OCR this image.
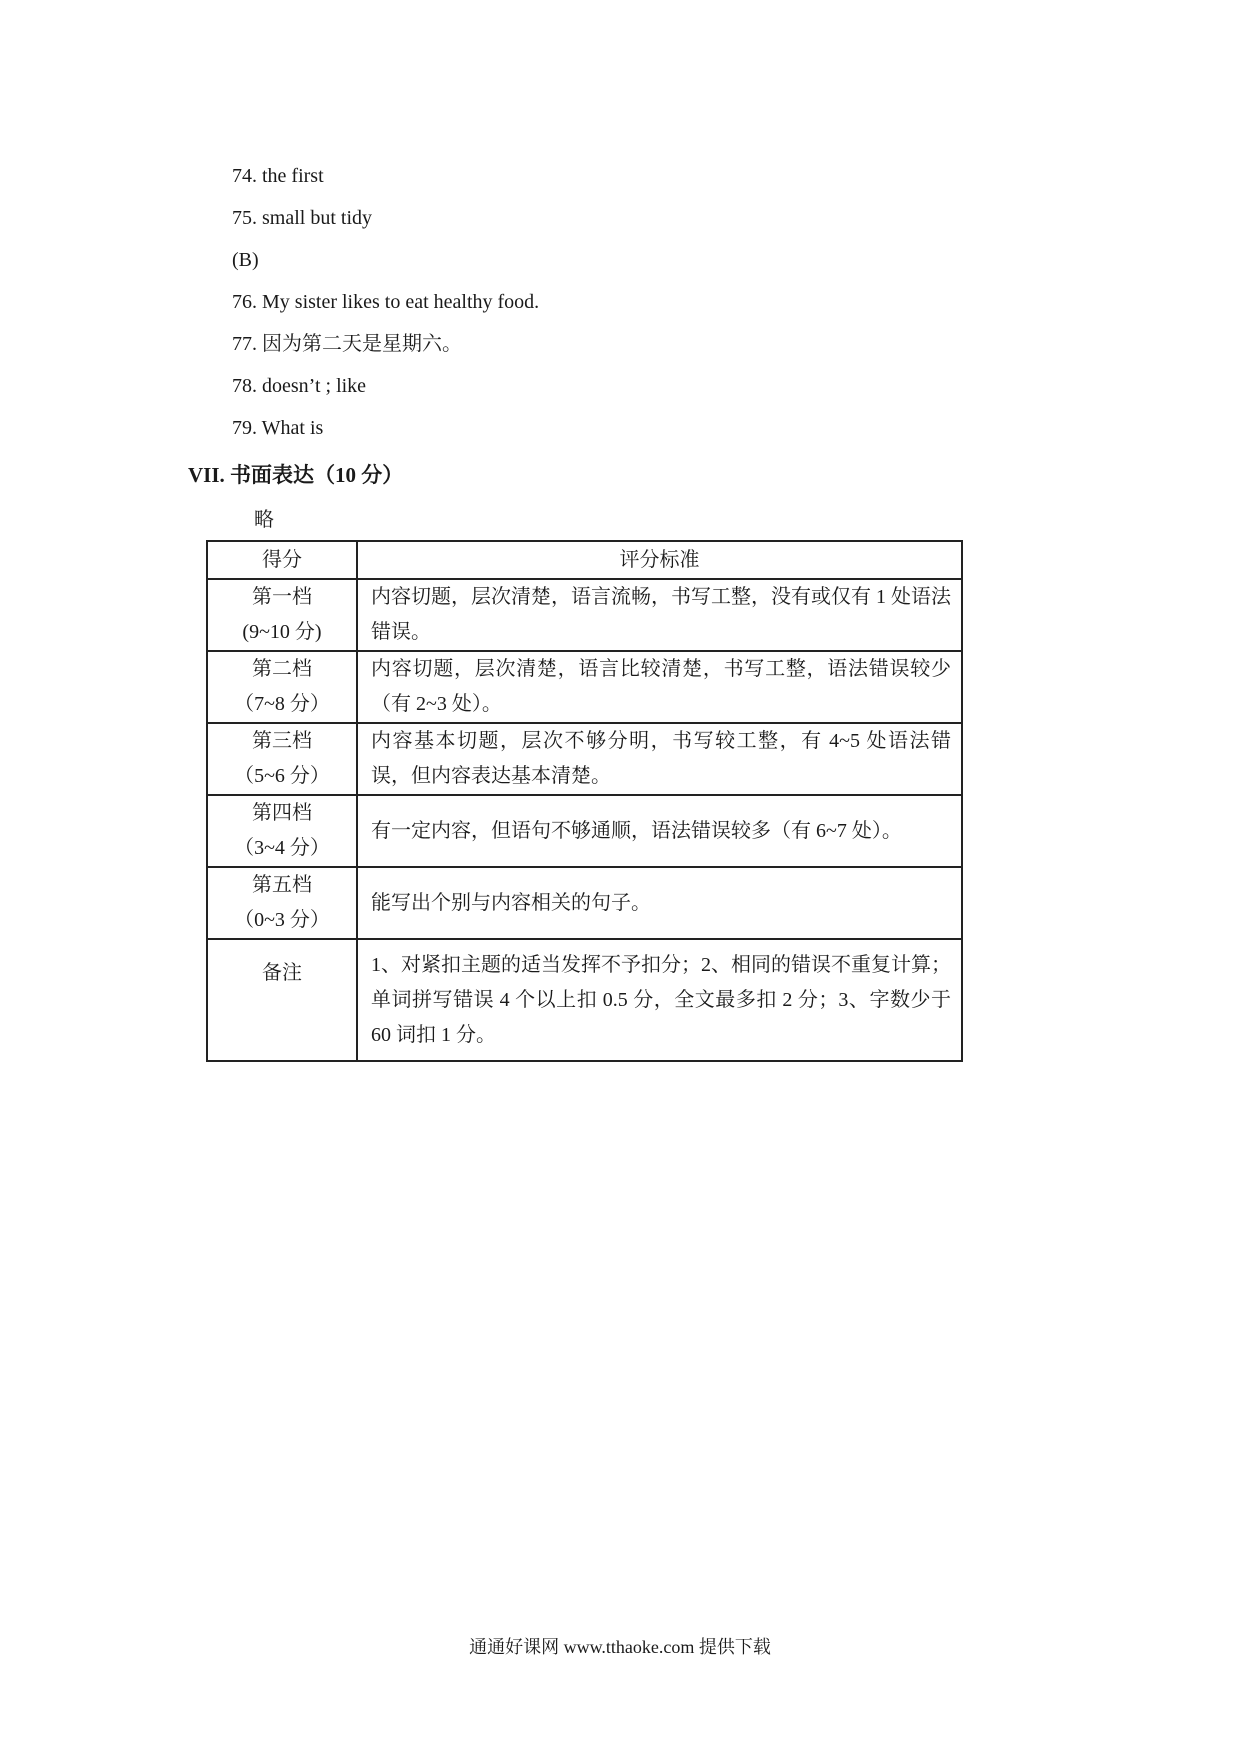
74. the first
75. small but tidy
(B)
76. My sister likes to eat healthy food.
77. 因为第二天是星期六。
78. doesn’t ; like
79. What is
VII. 书面表达（10 分）
略
得分	评分标准

第一档
(9~10 分)	内容切题，层次清楚，语言流畅，书写工整，没有或仅有 1 处语法错误。

第二档
（7~8 分）	内容切题，层次清楚，语言比较清楚，书写工整，语法错误较少（有 2~3 处）。

第三档
（5~6 分）	内容基本切题，层次不够分明，书写较工整，有 4~5 处语法错误，但内容表达基本清楚。

第四档
（3~4 分）	有一定内容，但语句不够通顺，语法错误较多（有 6~7 处）。

第五档
（0~3 分）	能写出个别与内容相关的句子。
备注	1、对紧扣主题的适当发挥不予扣分；2、相同的错误不重复计算；单词拼写错误 4 个以上扣 0.5 分，全文最多扣 2 分；3、字数少于 60 词扣 1 分。
通通好课网 www.tthaoke.com 提供下载
